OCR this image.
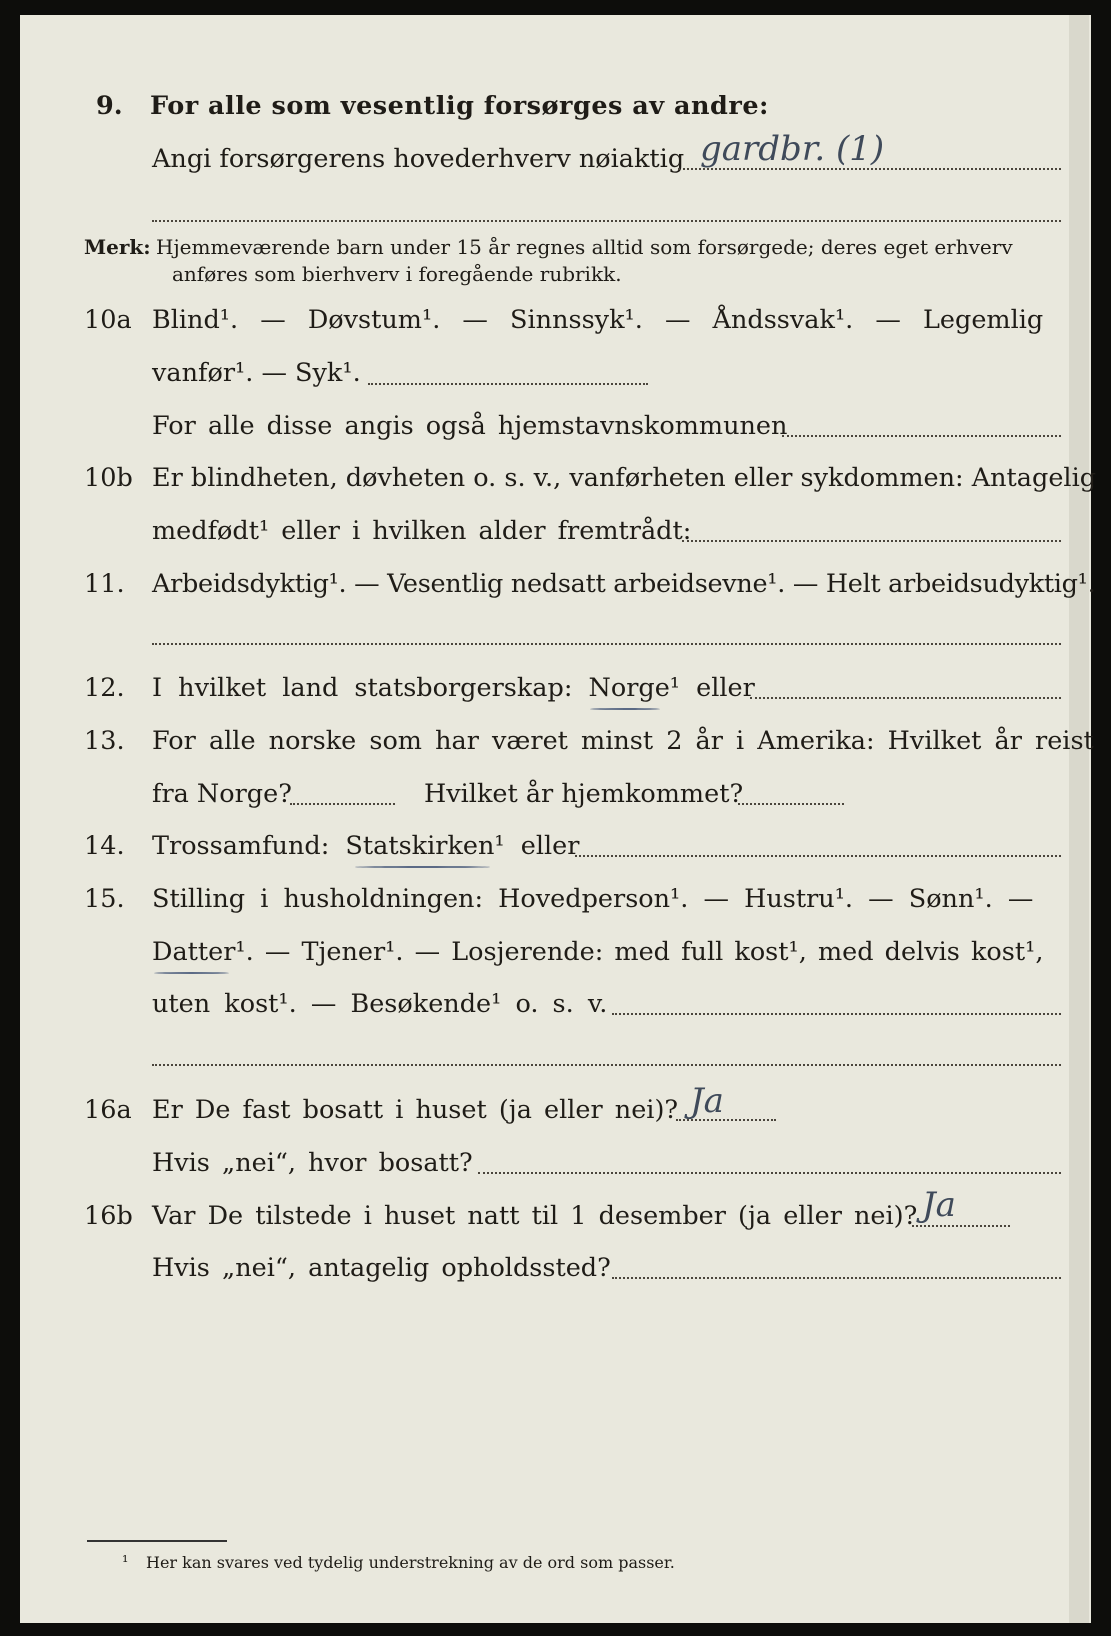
9. For alle som vesentlig forsørges av andre:
Angi forsørgerens hovederhverv nøiaktig gardbr. (1)
Merk: Hjemmeværende barn under 15 år regnes alltid som forsørgede; deres eget erhverv
anføres som bierhverv i foregående rubrikk.
10a Blind¹. — Døvstum¹. — Sinnssyk¹. — Åndssvak¹. — Legemlig
vanfør¹. — Syk¹.
For alle disse angis også hjemstavnskommunen
10b Er blindheten, døvheten o. s. v., vanførheten eller sykdommen: Antagelig
medfødt¹ eller i hvilken alder fremtrådt:
11. Arbeidsdyktig¹. — Vesentlig nedsatt arbeidsevne¹. — Helt arbeidsudyktig¹.
12. I hvilket land statsborgerskap: Norge¹ eller
13. For alle norske som har været minst 2 år i Amerika: Hvilket år reist
fra Norge?	Hvilket år hjemkommet?
14. Trossamfund: Statskirken¹ eller
15. Stilling i husholdningen: Hovedperson¹. — Hustru¹. — Sønn¹. —
Datter¹. — Tjener¹. — Losjerende: med full kost¹, med delvis kost¹,
uten kost¹. — Besøkende¹ o. s. v.
16a Er De fast bosatt i huset (ja eller nei)? Ja
Hvis „nei“, hvor bosatt?
16b Var De tilstede i huset natt til 1 desember (ja eller nei)? Ja
Hvis „nei“, antagelig opholdssted?
¹ Her kan svares ved tydelig understrekning av de ord som passer.
